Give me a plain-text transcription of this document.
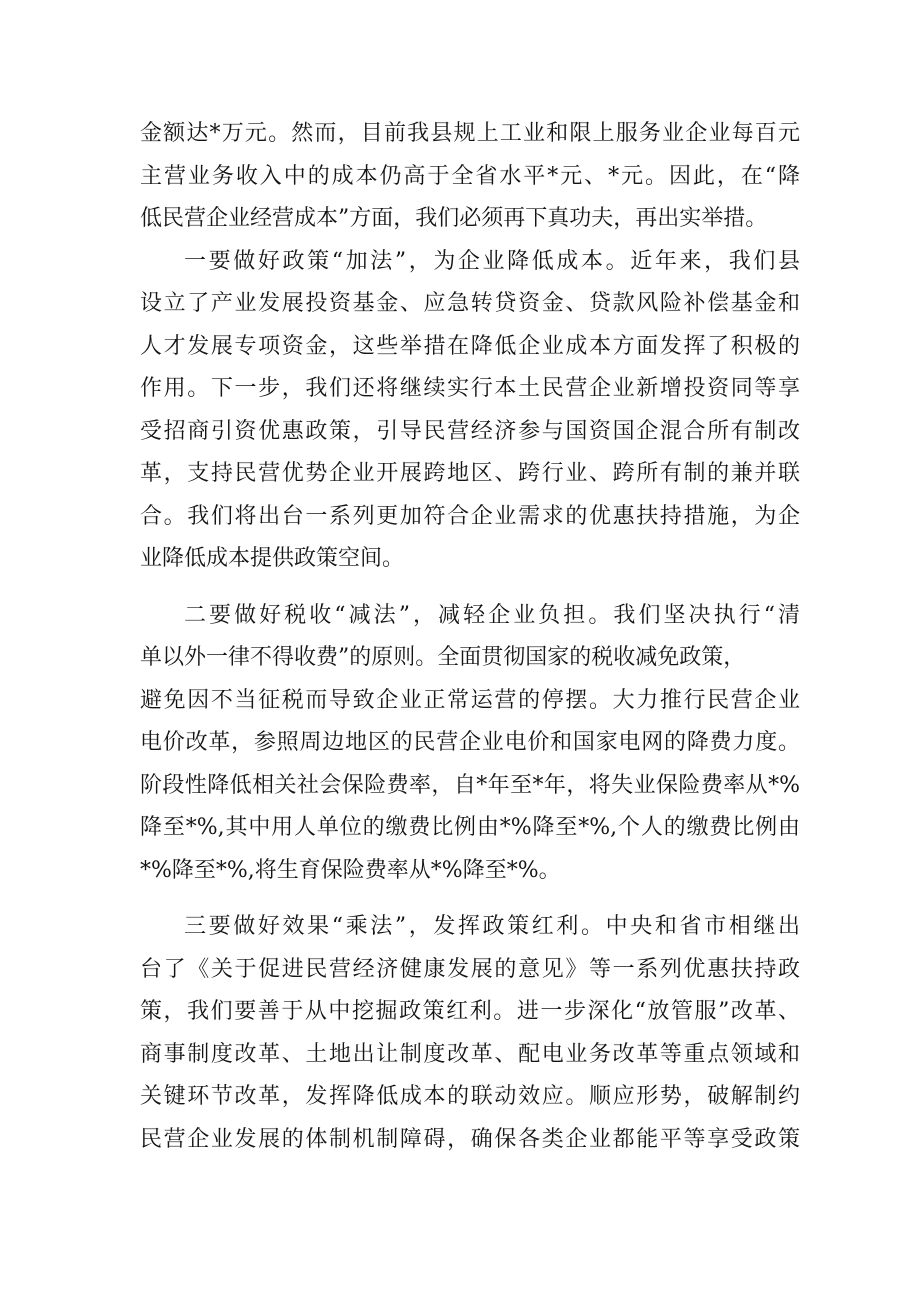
金额达*万元。然而，目前我县规上工业和限上服务业企业每百元
主营业务收入中的成本仍高于全省水平*元、*元。因此，在“降
低民营企业经营成本”方面，我们必须再下真功夫，再出实举措。
一要做好政策“加法”，为企业降低成本。近年来，我们县
设立了产业发展投资基金、应急转贷资金、贷款风险补偿基金和
人才发展专项资金，这些举措在降低企业成本方面发挥了积极的
作用。下一步，我们还将继续实行本土民营企业新增投资同等享
受招商引资优惠政策，引导民营经济参与国资国企混合所有制改
革，支持民营优势企业开展跨地区、跨行业、跨所有制的兼并联
合。我们将出台一系列更加符合企业需求的优惠扶持措施，为企
业降低成本提供政策空间。
二要做好税收“减法”，减轻企业负担。我们坚决执行“清
单以外一律不得收费”的原则。全面贯彻国家的税收减免政策，
避免因不当征税而导致企业正常运营的停摆。大力推行民营企业
电价改革，参照周边地区的民营企业电价和国家电网的降费力度。
阶段性降低相关社会保险费率，自*年至*年，将失业保险费率从*%
降至*%,其中用人单位的缴费比例由*%降至*%,个人的缴费比例由
*%降至*%,将生育保险费率从*%降至*%。
三要做好效果“乘法”，发挥政策红利。中央和省市相继出
台了《关于促进民营经济健康发展的意见》等一系列优惠扶持政
策，我们要善于从中挖掘政策红利。进一步深化“放管服”改革、
商事制度改革、土地出让制度改革、配电业务改革等重点领域和
关键环节改革，发挥降低成本的联动效应。顺应形势，破解制约
民营企业发展的体制机制障碍，确保各类企业都能平等享受政策
